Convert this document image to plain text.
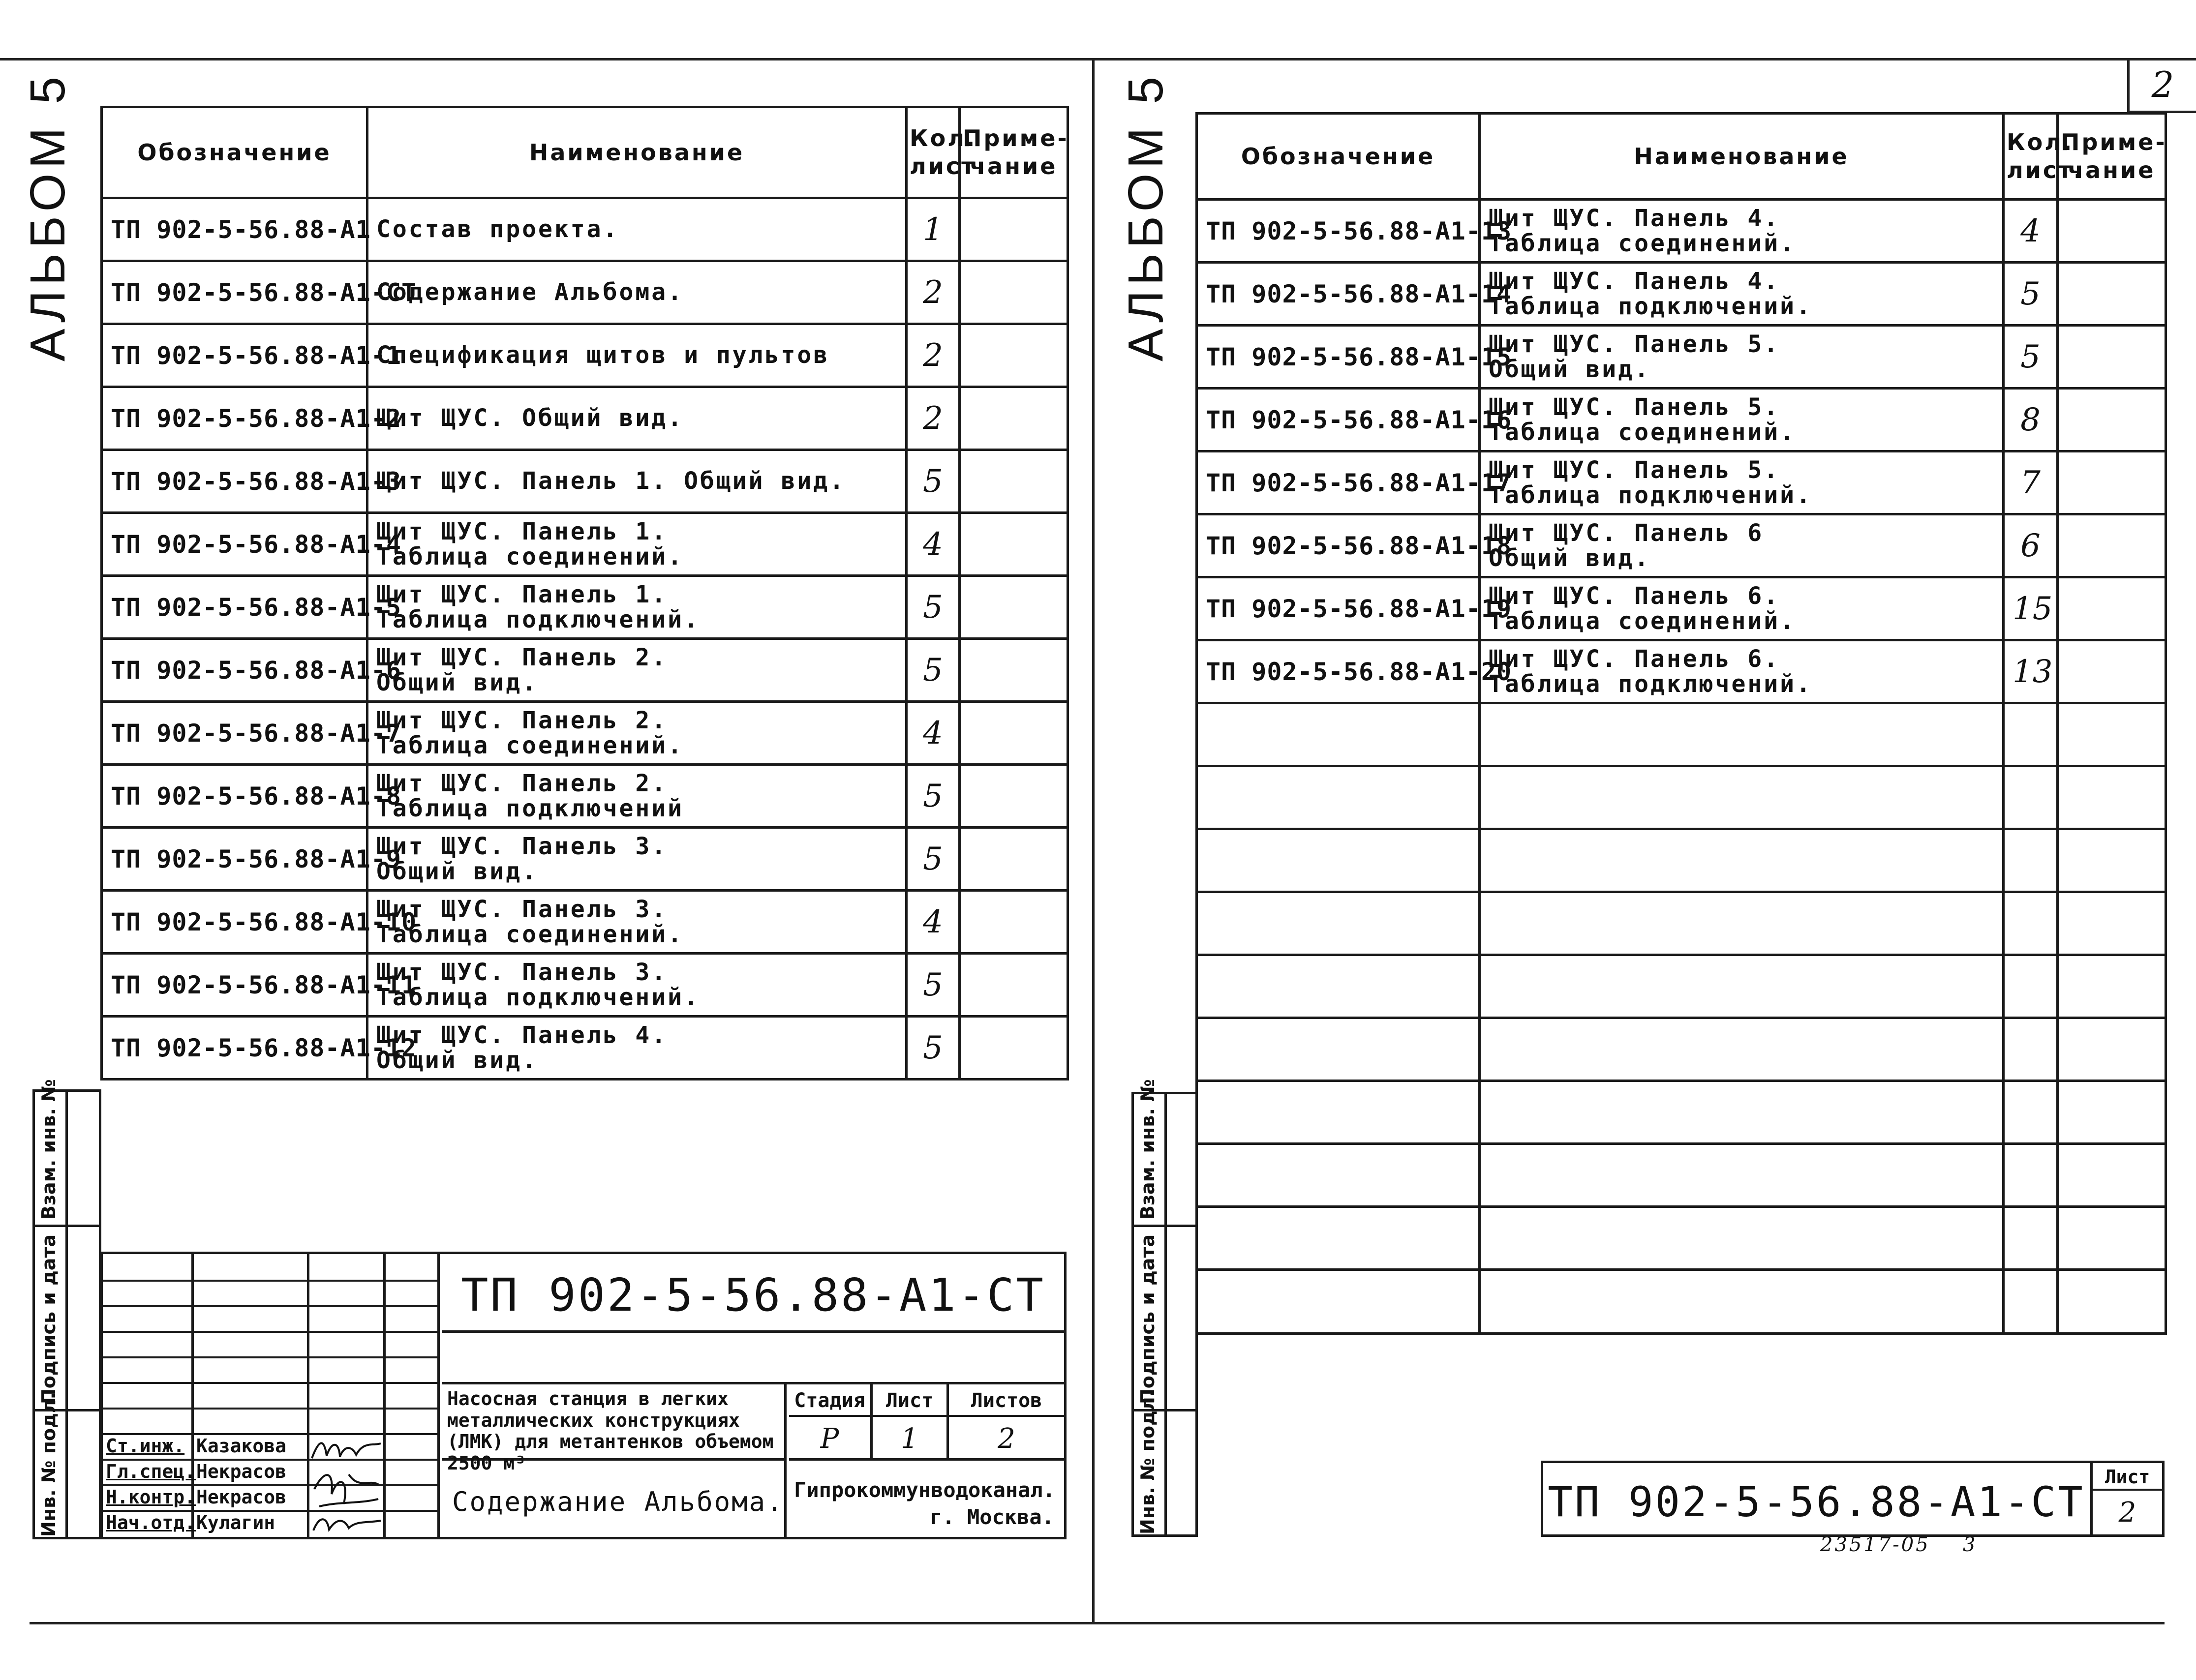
2
АЛЬБОМ 5	АЛЬБОМ 5
Обозначение	Наименование	Кол.
лист.	Приме-
чание
ТП 902-5-56.88-А1	Состав проекта.	1	
ТП 902-5-56.88-А1-СТ	Содержание Альбома.	2	
ТП 902-5-56.88-А1-1	Спецификация щитов и пультов	2	
ТП 902-5-56.88-А1-2	Щит ЩУС. Общий вид.	2	
ТП 902-5-56.88-А1-3	Щит ЩУС. Панель 1. Общий вид.	5	
ТП 902-5-56.88-А1-4	Щит ЩУС. Панель 1.
Таблица соединений.	4	
ТП 902-5-56.88-А1-5	Щит ЩУС. Панель 1.
Таблица подключений.	5	
ТП 902-5-56.88-А1-6	Щит ЩУС. Панель 2.
Общий вид.	5	
ТП 902-5-56.88-А1-7	Щит ЩУС. Панель 2.
Таблица соединений.	4	
ТП 902-5-56.88-А1-8	Щит ЩУС. Панель 2.
Таблица подключений	5	
ТП 902-5-56.88-А1-9	Щит ЩУС. Панель 3.
Общий вид.	5	
ТП 902-5-56.88-А1-10	Щит ЩУС. Панель 3.
Таблица соединений.	4	
ТП 902-5-56.88-А1-11	Щит ЩУС. Панель 3.
Таблица подключений.	5	
ТП 902-5-56.88-А1-12	Щит ЩУС. Панель 4.
Общий вид.	5	
Взам. инв. №
Подпись и дата
Инв. № подл. Ст.инж. Казакова
Гл.спец. Некрасов
Н.контр. Некрасов
Нач.отд. Кулагин
ТП 902-5-56.88-А1-СТ
Насосная станция в легких металлических конструкциях (ЛМК) для метантенков объемом 2500 м³
Стадия	Лист	Листов
Р	1	2
Содержание Альбома. Гипрокоммунводоканал.
г. Москва.
Обозначение	Наименование	Кол.
лист.	Приме-
чание
ТП 902-5-56.88-А1-13	Щит ЩУС. Панель 4.
Таблица соединений.	4	
ТП 902-5-56.88-А1-14	Щит ЩУС. Панель 4.
Таблица подключений.	5	
ТП 902-5-56.88-А1-15	Щит ЩУС. Панель 5.
Общий вид.	5	
ТП 902-5-56.88-А1-16	Щит ЩУС. Панель 5.
Таблица соединений.	8	
ТП 902-5-56.88-А1-17	Щит ЩУС. Панель 5.
Таблица подключений.	7	
ТП 902-5-56.88-А1-18	Щит ЩУС. Панель 6
Общий вид.	6	
ТП 902-5-56.88-А1-19	Щит ЩУС. Панель 6.
Таблица соединений.	15	
ТП 902-5-56.88-А1-20	Щит ЩУС. Панель 6.
Таблица подключений.	13	

Взам. инв. №
Подпись и дата
Инв. № подл.	ТП 902-5-56.88-А1-СТ
Лист
2
23517-05 3
